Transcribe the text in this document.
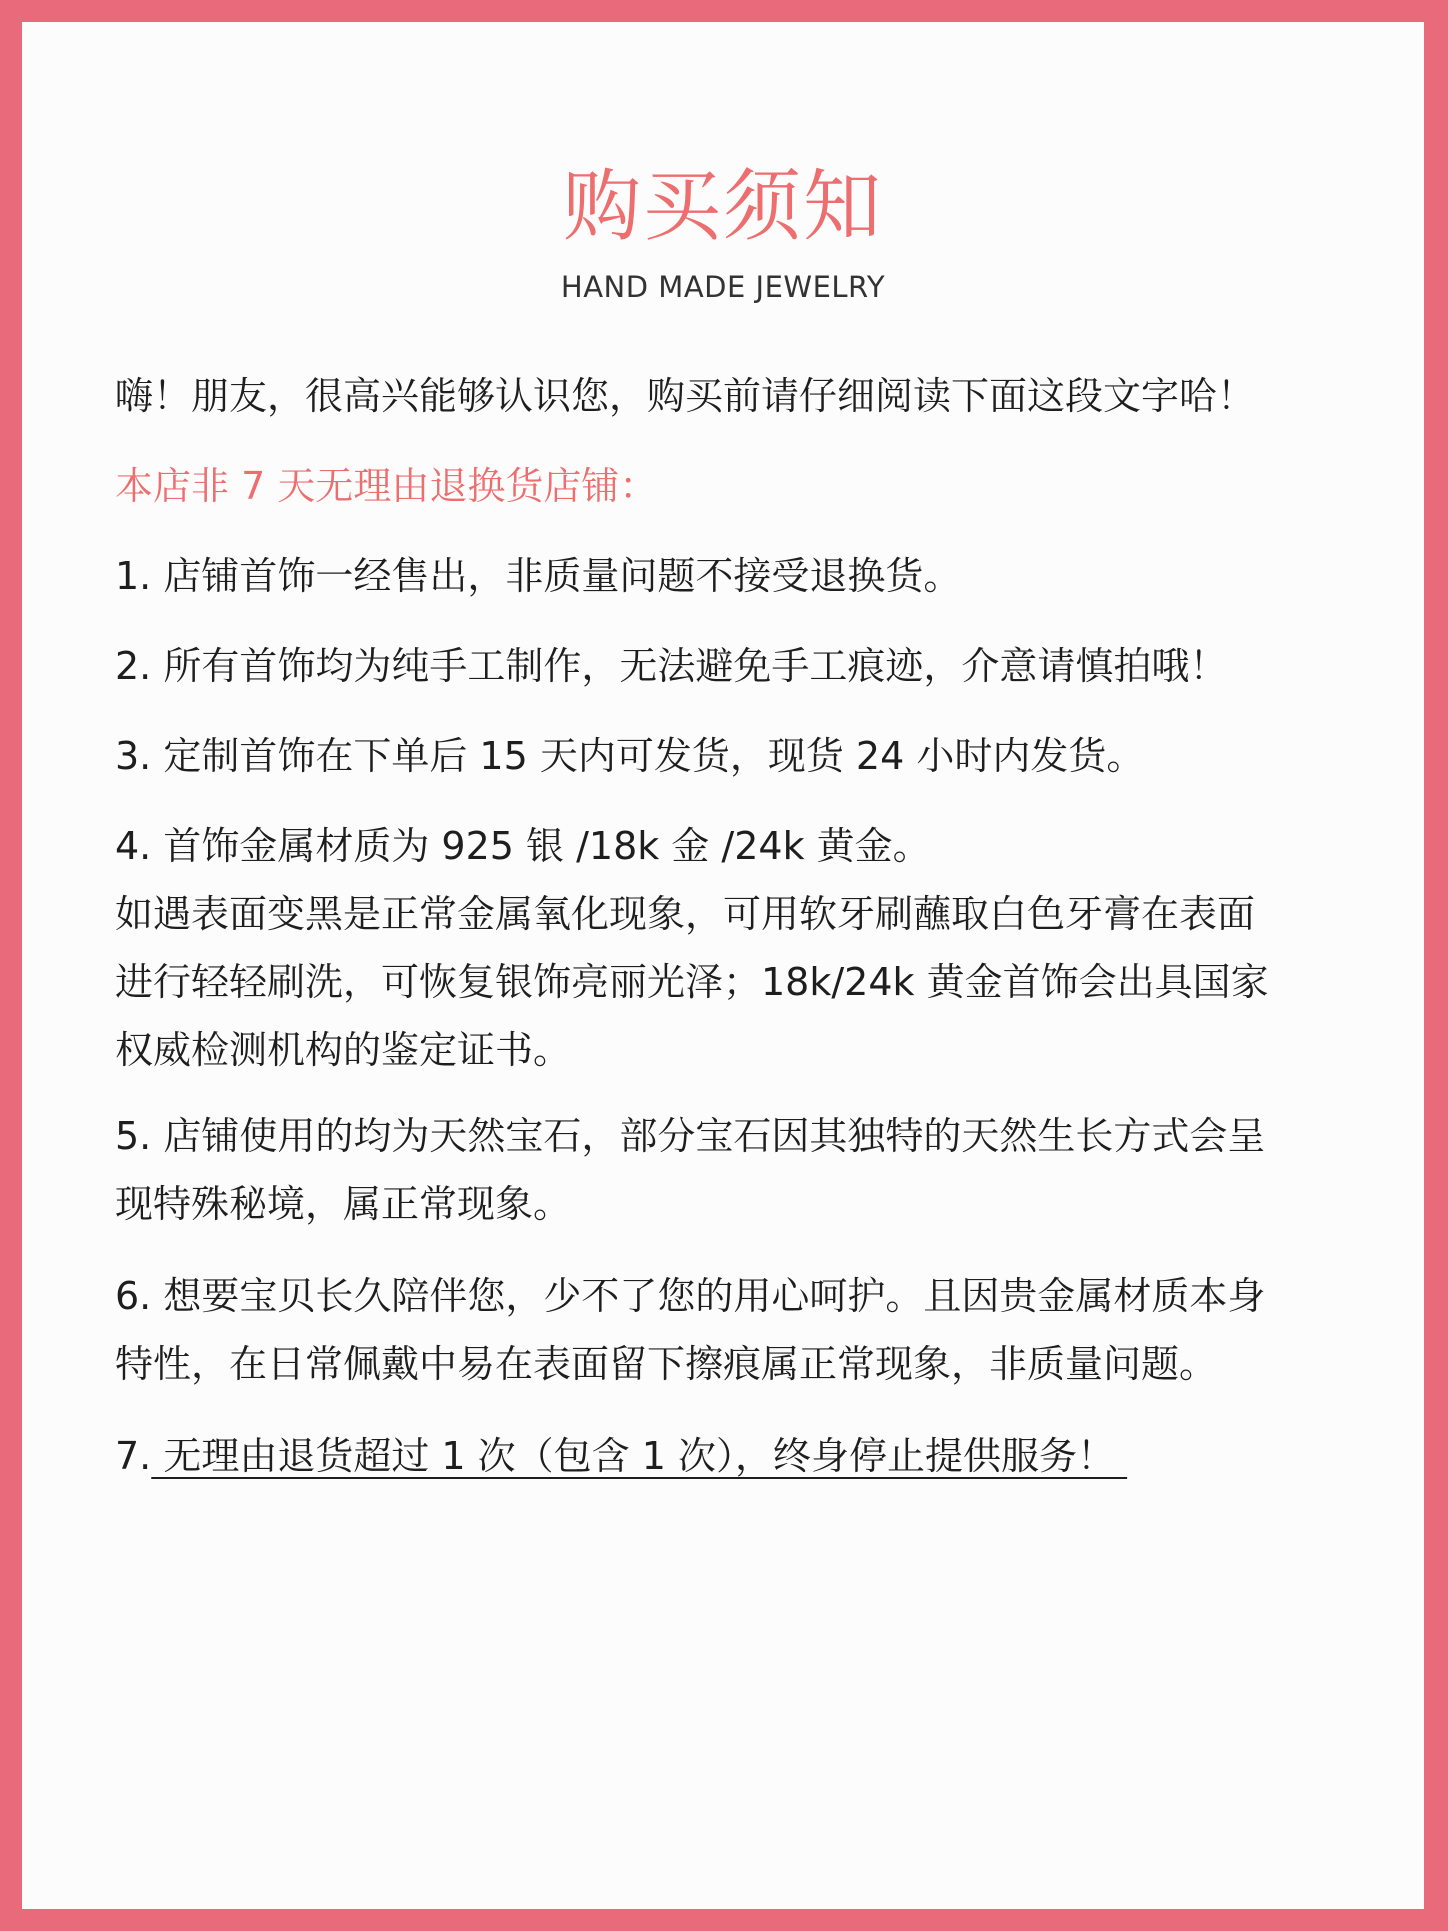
购买须知
HAND MADE JEWELRY

嗨！朋友，很高兴能够认识您，购买前请仔细阅读下面这段文字哈！

本店非 7 天无理由退换货店铺：

1. 店铺首饰一经售出，非质量问题不接受退换货。

2. 所有首饰均为纯手工制作，无法避免手工痕迹，介意请慎拍哦！

3. 定制首饰在下单后 15 天内可发货，现货 24 小时内发货。

4. 首饰金属材质为 925 银 /18k 金 /24k 黄金。

如遇表面变黑是正常金属氧化现象，可用软牙刷蘸取白色牙膏在表面

进行轻轻刷洗，可恢复银饰亮丽光泽；18k/24k 黄金首饰会出具国家

权威检测机构的鉴定证书。

5. 店铺使用的均为天然宝石，部分宝石因其独特的天然生长方式会呈

现特殊秘境，属正常现象。

6. 想要宝贝长久陪伴您，少不了您的用心呵护。且因贵金属材质本身

特性，在日常佩戴中易在表面留下擦痕属正常现象，非质量问题。

7. 无理由退货超过 1 次（包含 1 次），终身停止提供服务！
